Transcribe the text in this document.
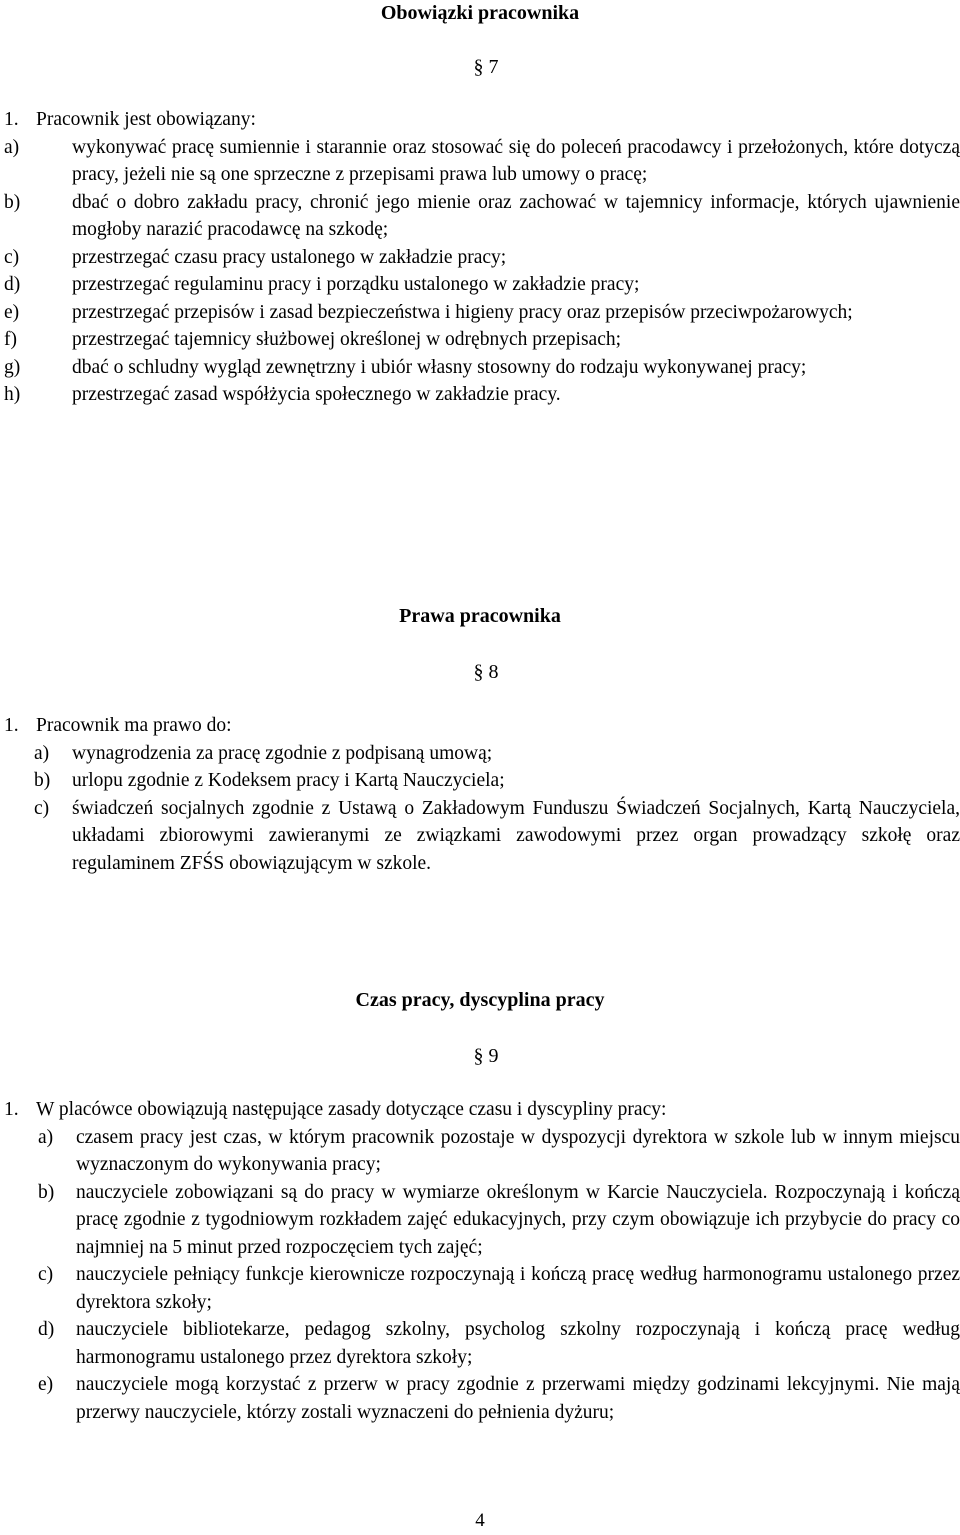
Obowiązki pracownika
§ 7
1. Pracownik jest obowiązany:
a)	wykonywać pracę sumiennie i starannie oraz stosować się do poleceń pracodawcy i przełożonych, które dotyczą pracy, jeżeli nie są one sprzeczne z przepisami prawa lub umowy o pracę;
b)	dbać o dobro zakładu pracy, chronić jego mienie oraz zachować w tajemnicy informacje, których ujawnienie mogłoby narazić pracodawcę na szkodę;
c)	przestrzegać czasu pracy ustalonego w zakładzie pracy;
d)	przestrzegać regulaminu pracy i porządku ustalonego w zakładzie pracy;
e)	przestrzegać przepisów i zasad bezpieczeństwa i higieny pracy oraz przepisów przeciwpożarowych;
f)	przestrzegać tajemnicy służbowej określonej w odrębnych przepisach;
g)	dbać o schludny wygląd zewnętrzny i ubiór własny stosowny do rodzaju wykonywanej pracy;
h)	przestrzegać zasad współżycia społecznego w zakładzie pracy.
Prawa pracownika
§ 8
1. Pracownik ma prawo do:
a) wynagrodzenia za pracę zgodnie z podpisaną umową;
b) urlopu zgodnie z Kodeksem pracy i Kartą Nauczyciela;
c) świadczeń socjalnych zgodnie z Ustawą o Zakładowym Funduszu Świadczeń Socjalnych, Kartą Nauczyciela, układami zbiorowymi zawieranymi ze związkami zawodowymi przez organ prowadzący szkołę oraz regulaminem ZFŚS obowiązującym w szkole.
Czas pracy, dyscyplina pracy
§ 9
1. W placówce obowiązują następujące zasady dotyczące czasu i dyscypliny pracy:
a) czasem pracy jest czas, w którym pracownik pozostaje w dyspozycji dyrektora w szkole lub w innym miejscu wyznaczonym do wykonywania pracy;
b) nauczyciele zobowiązani są do pracy w wymiarze określonym w Karcie Nauczyciela. Rozpoczynają i kończą pracę zgodnie z tygodniowym rozkładem zajęć edukacyjnych, przy czym obowiązuje ich przybycie do pracy co najmniej na 5 minut przed rozpoczęciem tych zajęć;
c) nauczyciele pełniący funkcje kierownicze rozpoczynają i kończą pracę według harmonogramu ustalonego przez dyrektora szkoły;
d) nauczyciele bibliotekarze, pedagog szkolny, psycholog szkolny rozpoczynają i kończą pracę według harmonogramu ustalonego przez dyrektora szkoły;
e) nauczyciele mogą korzystać z przerw w pracy zgodnie z przerwami między godzinami lekcyjnymi. Nie mają przerwy nauczyciele, którzy zostali wyznaczeni do pełnienia dyżuru;
4
